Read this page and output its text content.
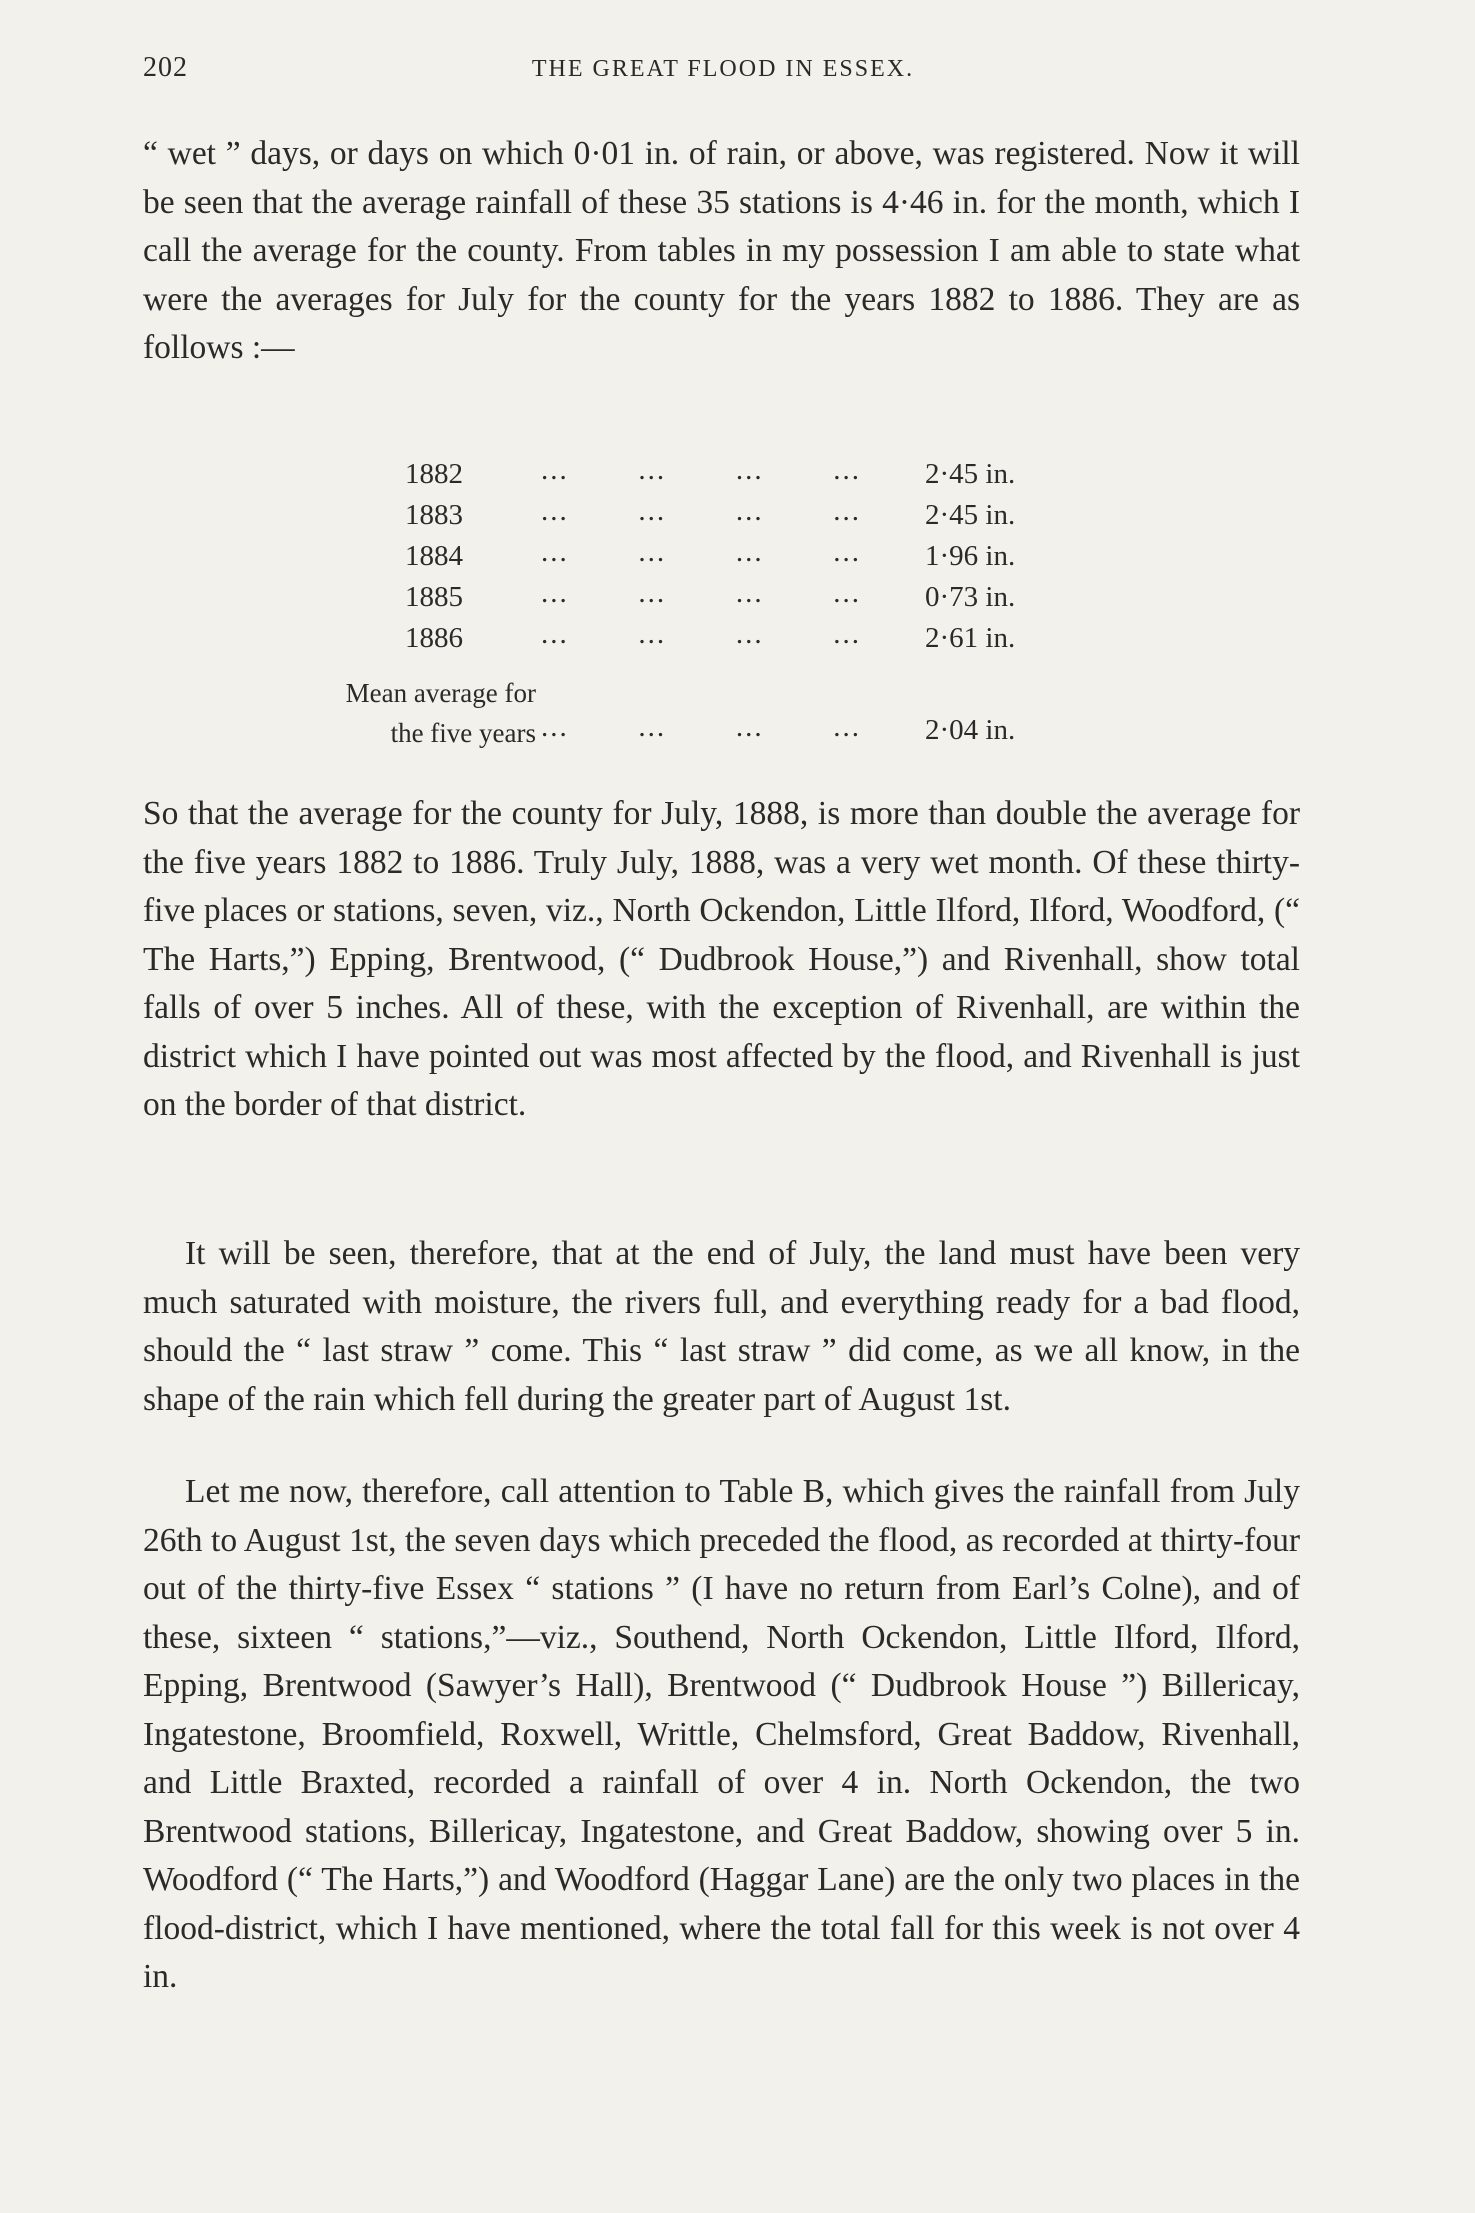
202	THE GREAT FLOOD IN ESSEX.

“ wet ” days, or days on which 0·01 in. of rain, or above, was registered. Now it will be seen that the average rainfall of these 35 stations is 4·46 in. for the month, which I call the average for the county. From tables in my possession I am able to state what were the averages for July for the county for the years 1882 to 1886. They are as follows :—

1882	... ... ... ... 2·45 in.
1883	... ... ... ... 2·45 in.
1884	... ... ... ... 1·96 in.
1885	... ... ... ... 0·73 in.
1886	... ... ... ... 2·61 in.
Mean average for
the five years ... ... ... ... 2·04 in.

So that the average for the county for July, 1888, is more than double the average for the five years 1882 to 1886. Truly July, 1888, was a very wet month. Of these thirty-five places or stations, seven, viz., North Ockendon, Little Ilford, Ilford, Woodford, (“ The Harts,”) Epping, Brentwood, (“ Dudbrook House,”) and Rivenhall, show total falls of over 5 inches. All of these, with the exception of Rivenhall, are within the district which I have pointed out was most affected by the flood, and Rivenhall is just on the border of that district.

It will be seen, therefore, that at the end of July, the land must have been very much saturated with moisture, the rivers full, and everything ready for a bad flood, should the “ last straw ” come. This “ last straw ” did come, as we all know, in the shape of the rain which fell during the greater part of August 1st.

Let me now, therefore, call attention to Table B, which gives the rainfall from July 26th to August 1st, the seven days which preceded the flood, as recorded at thirty-four out of the thirty-five Essex “ stations ” (I have no return from Earl’s Colne), and of these, sixteen “ stations,”—viz., Southend, North Ockendon, Little Ilford, Ilford, Epping, Brentwood (Sawyer’s Hall), Brentwood (“ Dudbrook House ”) Billericay, Ingatestone, Broomfield, Roxwell, Writtle, Chelmsford, Great Baddow, Rivenhall, and Little Braxted, recorded a rainfall of over 4 in. North Ockendon, the two Brentwood stations, Billericay, Ingatestone, and Great Baddow, showing over 5 in. Woodford (“ The Harts,”) and Woodford (Haggar Lane) are the only two places in the flood-district, which I have mentioned, where the total fall for this week is not over 4 in.
